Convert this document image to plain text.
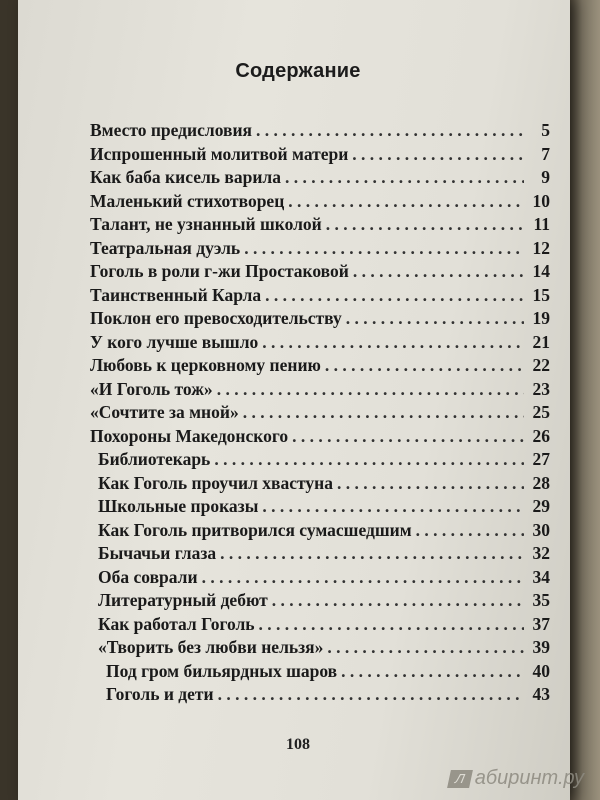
Содержание
Вместо предисловия . . .	5
Испрошенный молитвой матери . . .	7
Как баба кисель варила . . .	9
Маленький стихотворец . . .	10
Талант, не узнанный школой . . .	11
Театральная дуэль . . .	12
Гоголь в роли г-жи Простаковой . . .	14
Таинственный Карла . . .	15
Поклон его превосходительству . . .	19
У кого лучше вышло . . .	21
Любовь к церковному пению . . .	22
«И Гоголь тож» . . .	23
«Сочтите за мной» . . .	25
Похороны Македонского . . .	26
Библиотекарь . . .	27
Как Гоголь проучил хвастуна . . .	28
Школьные проказы . . .	29
Как Гоголь притворился сумасшедшим . . .	30
Бычачьи глаза . . .	32
Оба соврали . . .	34
Литературный дебют . . .	35
Как работал Гоголь . . .	37
«Творить без любви нельзя» . . .	39
Под гром бильярдных шаров . . .	40
Гоголь и дети . . .	43
108
Л абиринт.ру
